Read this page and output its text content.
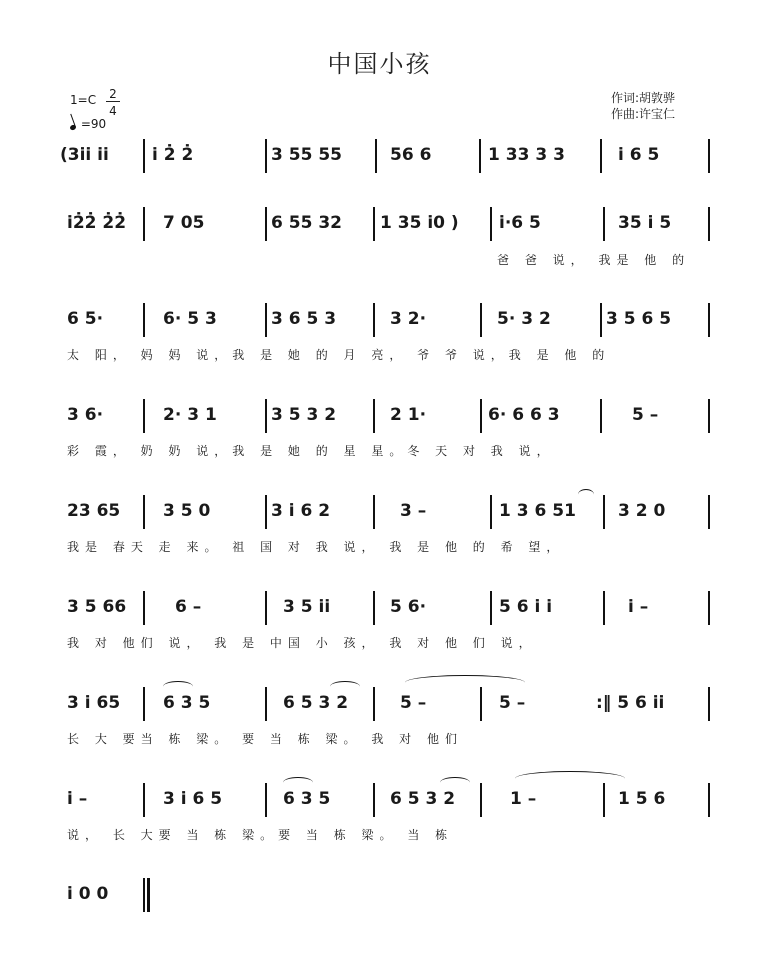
中国小孩
1=C 2
4
=90
作词:胡敦骅
作曲:许宝仁
(3i̇i̇ i̇i̇	i̇ 2̇ 2̇	3 55 55	56 6	1 33 3 3	i̇ 6 5
i̇2̇2̇ 2̇2̇ 7 05	6 55 32 1 35 i̇0 ) i̇·6 5	35 i̇ 5
爸 爸 说， 我是 他 的
6 5·	6· 5 3	3 6 5 3	3 2·	5· 3 2	3 5 6 5
太 阳， 妈 妈 说，我 是 她 的 月 亮， 爷 爷 说，我 是 他 的
3 6·	2· 3 1	3 5 3 2	2 1·	6· 6 6 3	5 –
彩 霞， 奶 奶 说，我 是 她 的 星 星。冬 天 对 我 说，
23 65	3 5 0	3 i̇ 6 2	3 –	1 3 6 51 3 2 0
我是 春天 走 来。 祖 国 对 我 说， 我 是 他 的 希 望，
3 5 66	6 –	3 5 i̇i̇	5 6·	5 6 i̇ i̇	i̇ –
我 对 他们 说， 我 是 中国 小 孩， 我 对 他 们 说，
3 i̇ 65	6 3 5	6 5 3 2	5 –	5 –	:‖ 5 6 i̇i̇
长 大 要当 栋 梁。 要 当 栋 梁。 我 对 他们
i̇ –	3 i̇ 6 5	6 3 5	6 5 3 2	1 –	1 5 6
说， 长 大要 当 栋 梁。要 当 栋 梁。 当 栋
i̇ 0 0
